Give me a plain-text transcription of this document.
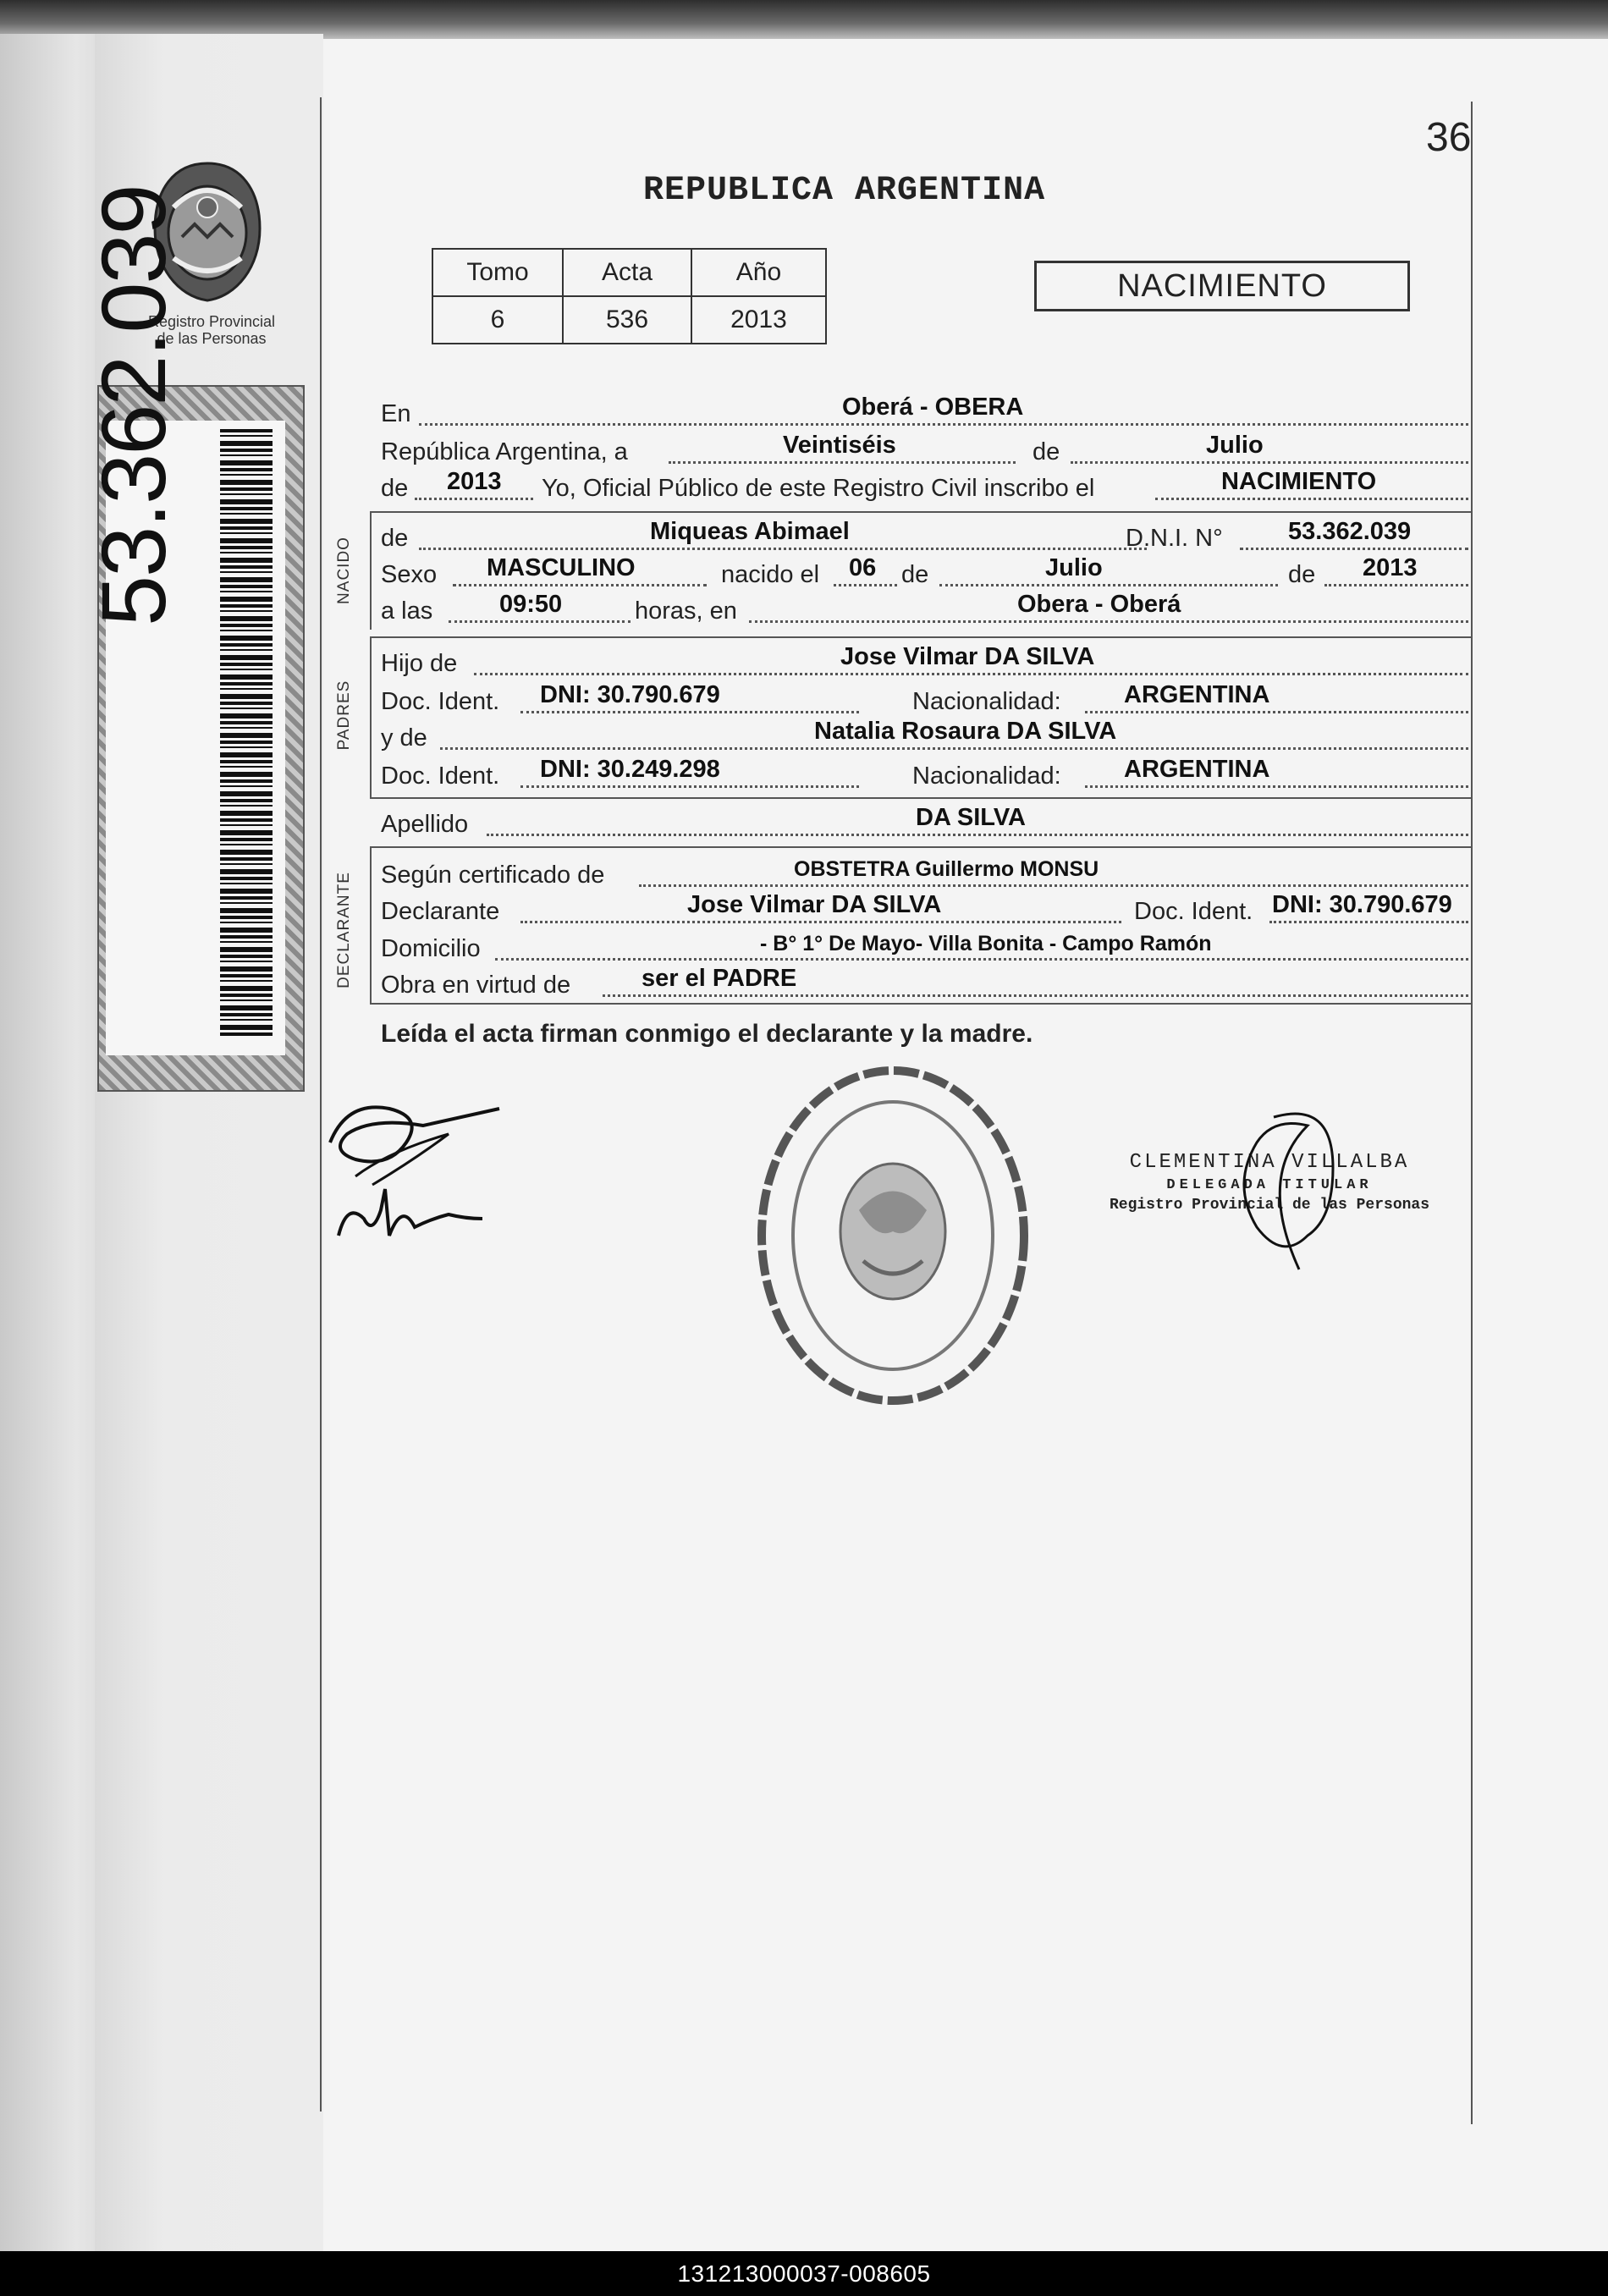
Registro Provincial
de las Personas
53.362.039
36
REPUBLICA ARGENTINA
Tomo	Acta	Año
6	536	2013
NACIMIENTO
En	Oberá - OBERA
República Argentina, a	Veintiséis	de	Julio
de 2013 Yo, Oficial Público de este Registro Civil inscribo el	NACIMIENTO
NACIDO de	Miqueas Abimael	D.N.I. N°	53.362.039
Sexo MASCULINO	nacido el 06 de	Julio	de 2013
a las	09:50	horas, en	Obera - Oberá
PADRES
Hijo de	Jose Vilmar DA SILVA
Doc. Ident. DNI: 30.790.679	Nacionalidad:	ARGENTINA
y de	Natalia Rosaura DA SILVA
Doc. Ident. DNI: 30.249.298	Nacionalidad:	ARGENTINA
Apellido	DA SILVA
DECLARANTE Según certificado de	OBSTETRA Guillermo MONSU
Declarante	Jose Vilmar DA SILVA	Doc. Ident. DNI: 30.790.679
Domicilio	- B° 1° De Mayo- Villa Bonita - Campo Ramón
Obra en virtud de	ser el PADRE
Leída el acta firman conmigo el declarante y la madre.
CLEMENTINA VILLALBA
DELEGADA TITULAR
Registro Provincial de las Personas
131213000037-008605
